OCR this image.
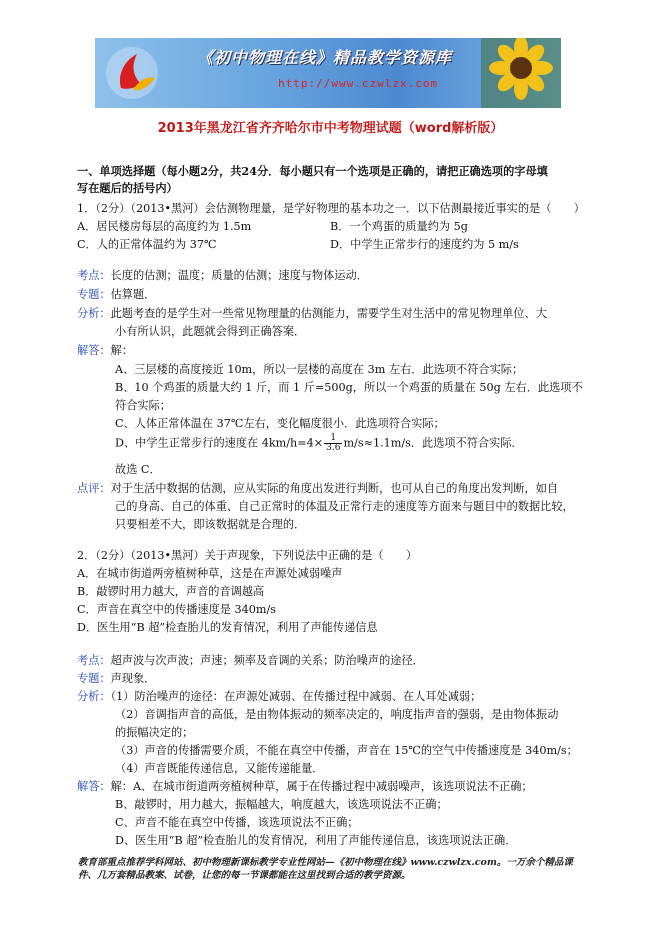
《初中物理在线》精品教学资源库
http://www.czwlzx.com
2013年黑龙江省齐齐哈尔市中考物理试题（word解析版）
一、单项选择题（每小题2分，共24分．每小题只有一个选项是正确的，请把正确选项的字母填
写在题后的括号内）
1．（2分）（2013•黑河）会估测物理量，是学好物理的基本功之一．以下估测最接近事实的是（　　）
A．居民楼房每层的高度约为 1.5m	B．一个鸡蛋的质量约为 5g
C．人的正常体温约为 37℃	D．中学生正常步行的速度约为 5 m/s
考点：长度的估测；温度；质量的估测；速度与物体运动．
专题：估算题．
分析：此题考查的是学生对一些常见物理量的估测能力，需要学生对生活中的常见物理单位、大
小有所认识，此题就会得到正确答案．
解答：解：
A、三层楼的高度接近 10m，所以一层楼的高度在 3m 左右．此选项不符合实际；
B、10 个鸡蛋的质量大约 1 斤，而 1 斤=500g，所以一个鸡蛋的质量在 50g 左右．此选项不
符合实际；
C、人体正常体温在 37℃左右，变化幅度很小．此选项符合实际；
D、中学生正常步行的速度在 $4km/h=4\times \frac{1}{3.6} m/s\approx 1.1m/s$．此选项不符合实际．
故选 C．
点评：对于生活中数据的估测，应从实际的角度出发进行判断，也可从自己的角度出发判断，如自
己的身高、自己的体重、自己正常时的体温及正常行走的速度等方面来与题目中的数据比较，
只要相差不大，即该数据就是合理的．
2．（2分）（2013•黑河）关于声现象，下列说法中正确的是（　　）
A．在城市街道两旁植树种草，这是在声源处减弱噪声
B．敲锣时用力越大，声音的音调越高
C．声音在真空中的传播速度是 340m/s
D．医生用“B 超”检查胎儿的发育情况，利用了声能传递信息
考点：超声波与次声波；声速；频率及音调的关系；防治噪声的途径．
专题：声现象．
分析：（1）防治噪声的途径：在声源处减弱、在传播过程中减弱、在人耳处减弱；
（2）音调指声音的高低，是由物体振动的频率决定的，响度指声音的强弱，是由物体振动
的振幅决定的；
（3）声音的传播需要介质，不能在真空中传播，声音在 15℃的空气中传播速度是 340m/s；
（4）声音既能传递信息，又能传递能量．
解答：解：A、在城市街道两旁植树种草，属于在传播过程中减弱噪声，该选项说法不正确；
B、敲锣时，用力越大，振幅越大，响度越大，该选项说法不正确；
C、声音不能在真空中传播，该选项说法不正确；
D、医生用“B 超”检查胎儿的发育情况，利用了声能传递信息，该选项说法正确．
教育部重点推荐学科网站、初中物理新课标教学专业性网站—《初中物理在线》www.czwlzx.com。一万余个精品课
件、几万套精品教案、试卷，让您的每一节课都能在这里找到合适的教学资源。
